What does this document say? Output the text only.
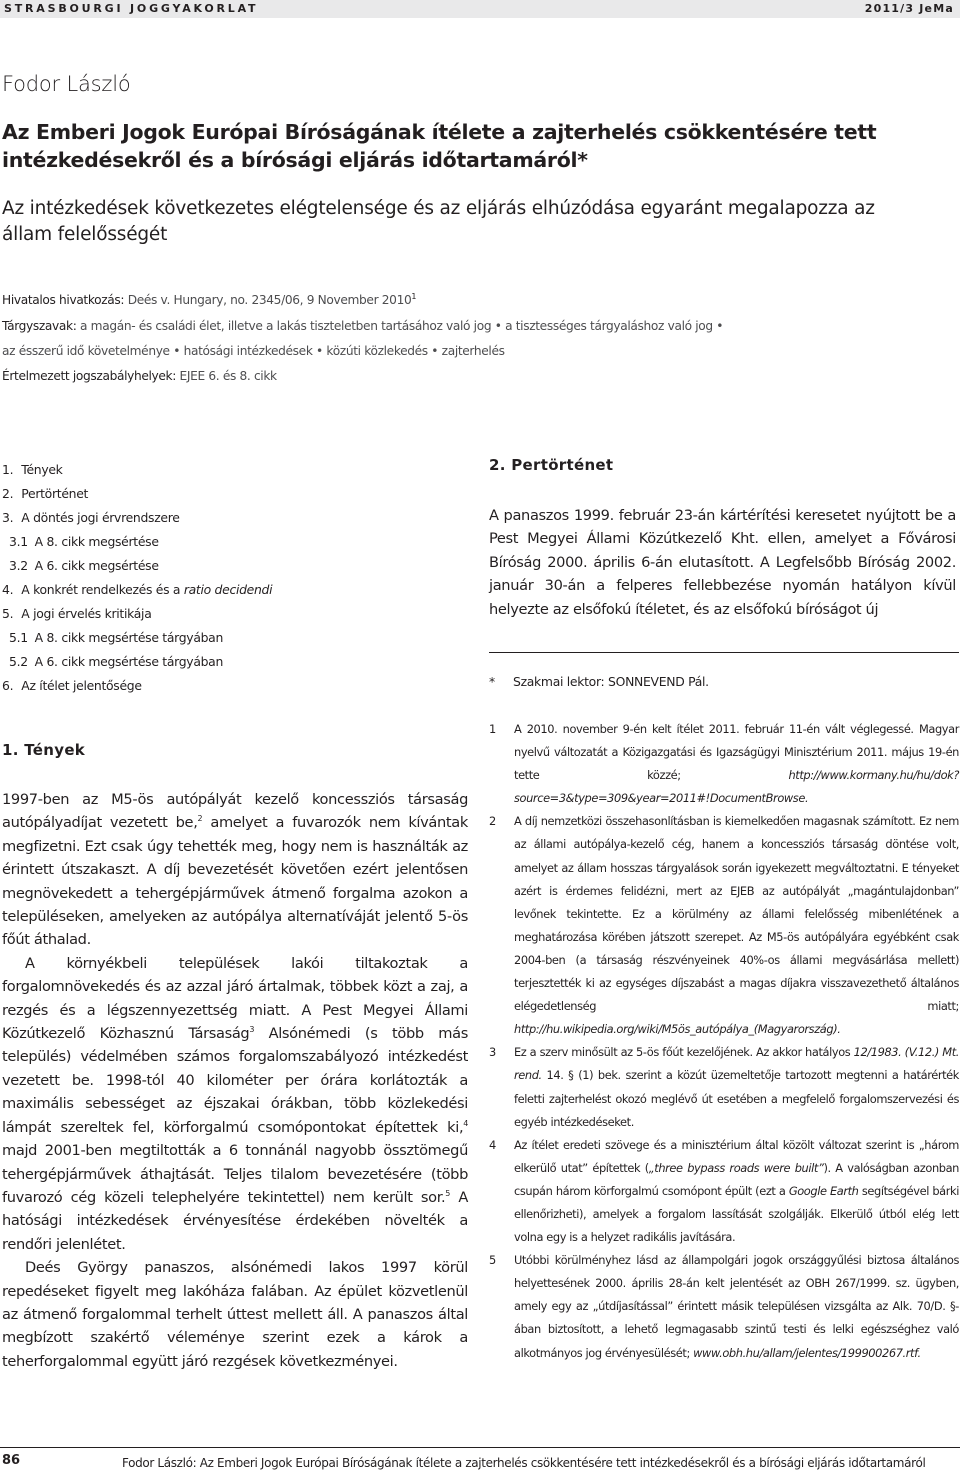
STRASBOURGI JOGGYAKORLAT	2011/3 JeMa
Fodor László
Az Emberi Jogok Európai Bíróságának ítélete a zajterhelés csökkentésére tett intézkedésekről és a bírósági eljárás időtartamáról*
Az intézkedések következetes elégtelensége és az eljárás elhúzódása egyaránt megalapozza az állam felelősségét
Hivatalos hivatkozás: Deés v. Hungary, no. 2345/06, 9 November 2010$^1$
Tárgyszavak: a magán- és családi élet, illetve a lakás tiszteletben tartásához való jog • a tisztességes tárgyaláshoz való jog •
az ésszerű idő követelménye • hatósági intézkedések • közúti közlekedés • zajterhelés
Értelmezett jogszabályhelyek: EJEE 6. és 8. cikk
1. Tények
2. Pertörténet
3. A döntés jogi érvrendszere
3.1 A 8. cikk megsértése
3.2 A 6. cikk megsértése
4. A konkrét rendelkezés és a ratio decidendi
5. A jogi érvelés kritikája
5.1 A 8. cikk megsértése tárgyában
5.2 A 6. cikk megsértése tárgyában
6. Az ítélet jelentősége
1. Tények

1997-ben az M5-ös autópályát kezelő koncessziós társaság autópályadíjat vezetett be,$^2$ amelyet a fuvarozók nem kívántak megfizetni. Ezt csak úgy tehették meg, hogy nem is használták az érintett útszakaszt. A díj bevezetését követően ezért jelentősen megnövekedett a tehergépjárművek átmenő forgalma azokon a településeken, amelyeken az autópálya alternatíváját jelentő 5-ös főút áthalad.

A környékbeli települések lakói tiltakoztak a forgalomnövekedés és az azzal járó ártalmak, többek közt a zaj, a rezgés és a légszennyezettség miatt. A Pest Megyei Állami Közútkezelő Közhasznú Társaság$^3$ Alsónémedi (s több más település) védelmében számos forgalomszabályozó intézkedést vezetett be. 1998-tól 40 kilométer per órára korlátozták a maximális sebességet az éjszakai órákban, több közlekedési lámpát szereltek fel, körforgalmú csomópontokat építettek ki,$^4$ majd 2001-ben megtiltották a 6 tonnánál nagyobb össztömegű tehergépjárművek áthajtását. Teljes tilalom bevezetésére (több fuvarozó cég közeli telephelyére tekintettel) nem került sor.$^5$ A hatósági intézkedések érvényesítése érdekében növelték a rendőri jelenlétet.

Deés György panaszos, alsónémedi lakos 1997 körül repedéseket figyelt meg lakóháza falában. Az épület közvetlenül az átmenő forgalommal terhelt úttest mellett áll. A panaszos által megbízott szakértő véleménye szerint ezek a károk a teherforgalommal együtt járó rezgések következményei.

2. Pertörténet

A panaszos 1999. február 23-án kártérítési keresetet nyújtott be a Pest Megyei Állami Közútkezelő Kht. ellen, amelyet a Fővárosi Bíróság 2000. április 6-án elutasított. A Legfelsőbb Bíróság 2002. január 30-án a felperes fellebbezése nyomán hatályon kívül helyezte az elsőfokú ítéletet, és az elsőfokú bíróságot új

* Szakmai lektor: SONNEVEND Pál.
1 A 2010. november 9-én kelt ítélet 2011. február 11-én vált véglegessé. Magyar nyelvű változatát a Közigazgatási és Igazságügyi Minisztérium 2011. május 19-én tette közzé; http://www.kormany.hu/hu/dok?source=3&type=309&year=2011#!DocumentBrowse.
2 A díj nemzetközi összehasonlításban is kiemelkedően magasnak számított. Ez nem az állami autópálya-kezelő cég, hanem a koncessziós társaság döntése volt, amelyet az állam hosszas tárgyalások során igyekezett megváltoztatni. E tényeket azért is érdemes felidézni, mert az EJEB az autópályát „magántulajdonban” levőnek tekintette. Ez a körülmény az állami felelősség mibenlétének a meghatározása körében játszott szerepet. Az M5-ös autópályára egyébként csak 2004-ben (a társaság részvényeinek 40%-os állami megvásárlása mellett) terjesztették ki az egységes díjszabást a magas díjakra visszavezethető általános elégedetlenség miatt; http://hu.wikipedia.org/wiki/M5ös_autópálya_(Magyarország).
3 Ez a szerv minősült az 5-ös főút kezelőjének. Az akkor hatályos 12/1983. (V.12.) Mt. rend. 14. § (1) bek. szerint a közút üzemeltetője tartozott megtenni a határérték feletti zajterhelést okozó meglévő út esetében a megfelelő forgalomszervezési és egyéb intézkedéseket.
4 Az ítélet eredeti szövege és a minisztérium által közölt változat szerint is „három elkerülő utat” építettek („three bypass roads were built”). A valóságban azonban csupán három körforgalmú csomópont épült (ezt a Google Earth segítségével bárki ellenőrizheti), amelyek a forgalom lassítását szolgálják. Elkerülő útból elég lett volna egy is a helyzet radikális javítására.
5 Utóbbi körülményhez lásd az állampolgári jogok országgyűlési biztosa általános helyettesének 2000. április 28-án kelt jelentését az OBH 267/1999. sz. ügyben, amely egy az „útdíjasítással” érintett másik településen vizsgálta az Alk. 70/D. §-ában biztosított, a lehető legmagasabb szintű testi és lelki egészséghez való alkotmányos jog érvényesülését; www.obh.hu/allam/jelentes/199900267.rtf.
86	Fodor László: Az Emberi Jogok Európai Bíróságának ítélete a zajterhelés csökkentésére tett intézkedésekről és a bírósági eljárás időtartamáról
